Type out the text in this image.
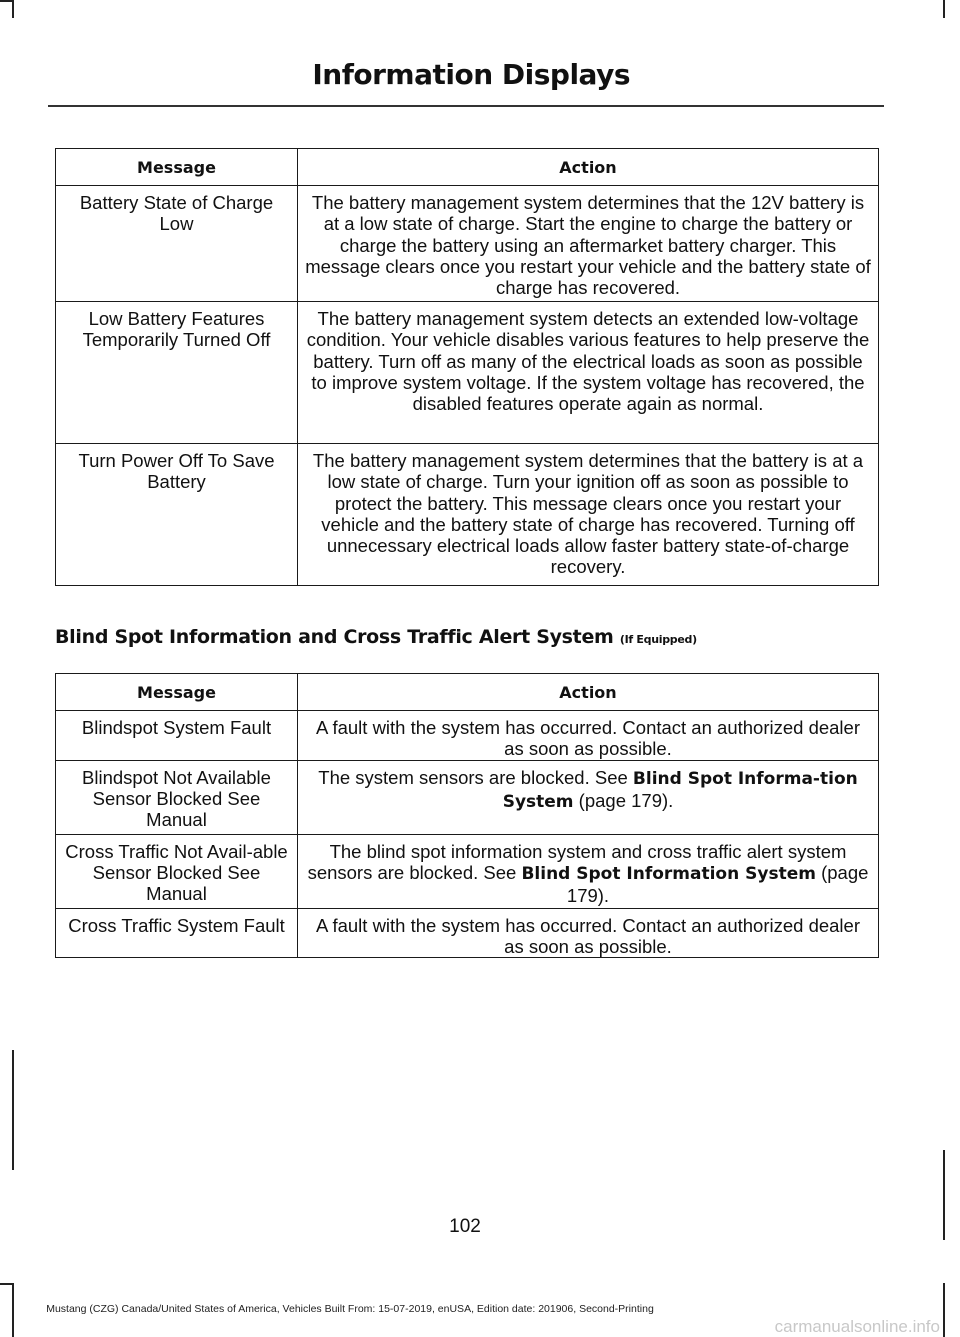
Information Displays
Message	Action
Battery State of Charge Low	The battery management system determines that the 12V battery is at a low state of charge. Start the engine to charge the battery or charge the battery using an aftermarket battery charger. This message clears once you restart your vehicle and the battery state of charge has recovered.
Low Battery Features Temporarily Turned Off	The battery management system detects an extended low-voltage condition. Your vehicle disables various features to help preserve the battery. Turn off as many of the electrical loads as soon as possible to improve system voltage. If the system voltage has recovered, the disabled features operate again as normal.
Turn Power Off To Save Battery	The battery management system determines that the battery is at a low state of charge. Turn your ignition off as soon as possible to protect the battery. This message clears once you restart your vehicle and the battery state of charge has recovered. Turning off unnecessary electrical loads allow faster battery state-of-charge recovery.
Blind Spot Information and Cross Traffic Alert System (If Equipped)
Message	Action
Blindspot System Fault	A fault with the system has occurred. Contact an authorized dealer as soon as possible.
Blindspot Not Available Sensor Blocked See Manual	The system sensors are blocked. See Blind Spot Informa-tion System (page 179).
Cross Traffic Not Avail-able Sensor Blocked See Manual	The blind spot information system and cross traffic alert system sensors are blocked. See Blind Spot Information System (page 179).
Cross Traffic System Fault	A fault with the system has occurred. Contact an authorized dealer as soon as possible.
102
Mustang (CZG) Canada/United States of America, Vehicles Built From: 15-07-2019, enUSA, Edition date: 201906, Second-Printing
carmanualsonline.info
